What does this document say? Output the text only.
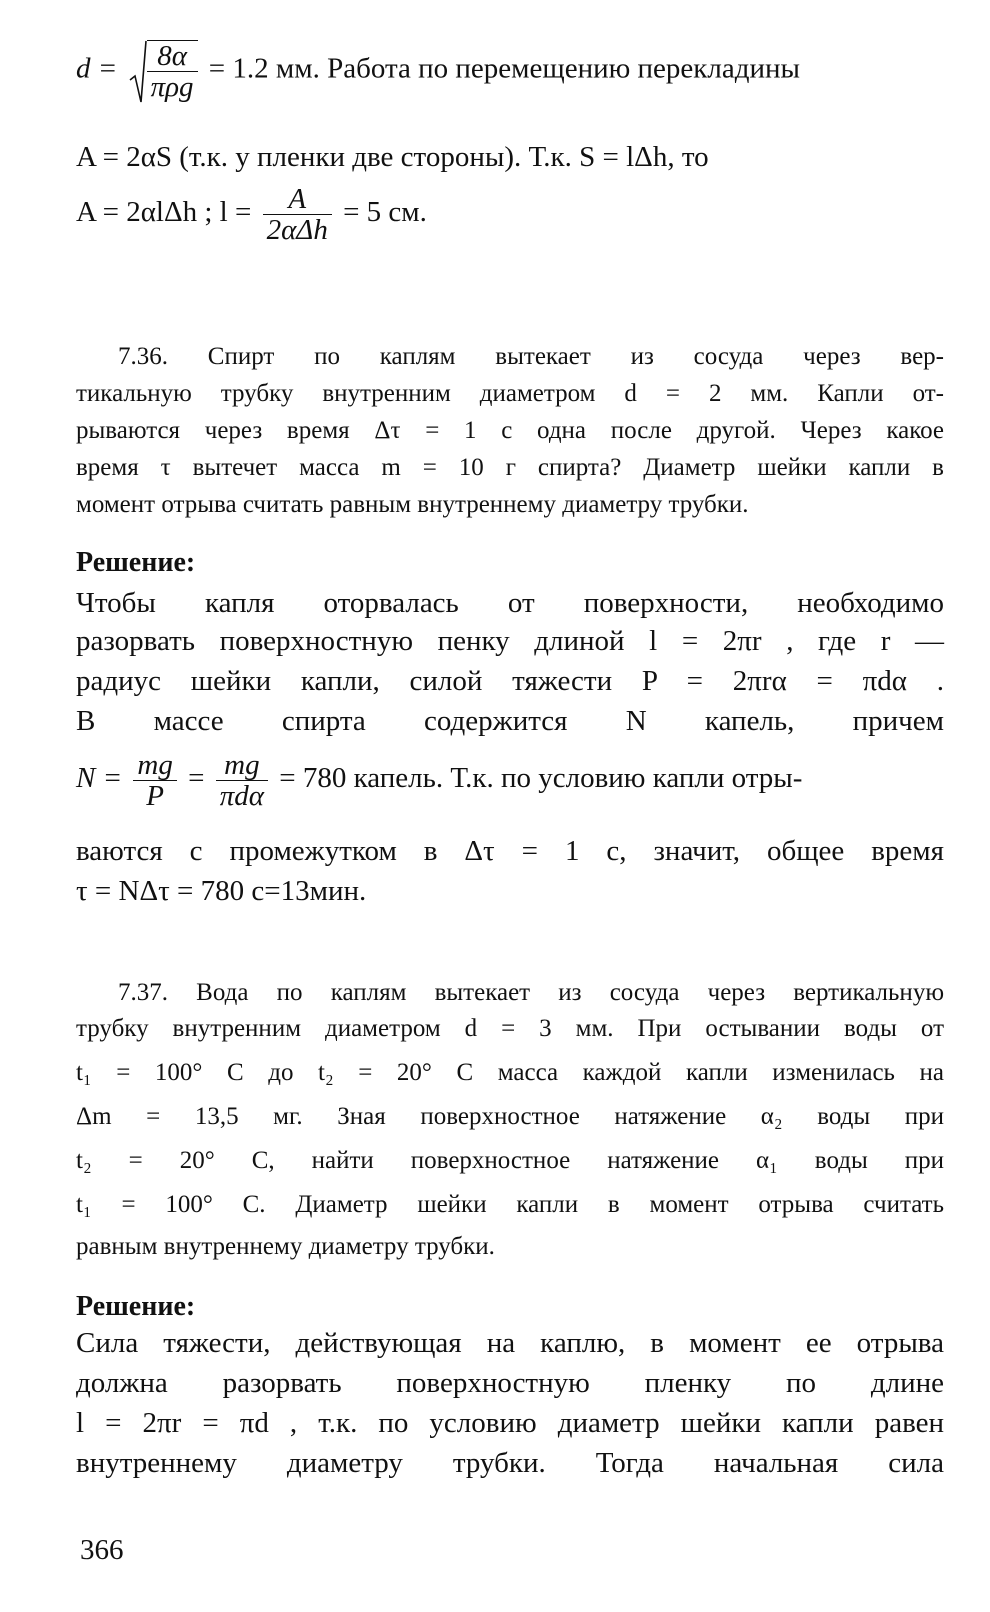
$d = \frac{8\alpha}{\text{πρg}} = 1.2$ мм. Работа по перемещению перекладины
A = 2αS (т.к. у пленки две стороны). Т.к. S = lΔh, то
A = 2αlΔh ; $l = \frac{A}{\text{2αΔh}} = 5$ см.
7.36. Спирт по каплям вытекает из сосуда через вер-
тикальную трубку внутренним диаметром d = 2 мм. Капли от-
рываются через время Δτ = 1 с одна после другой. Через какое
время τ вытечет масса m = 10 г спирта? Диаметр шейки капли в
момент отрыва считать равным внутреннему диаметру трубки.
Решение:
Чтобы капля оторвалась от поверхности, необходимо
разорвать поверхностную пенку длиной l = 2πr , где r —
радиус шейки капли, силой тяжести P = 2πrα = πdα .
В массе спирта содержится N капель, причем
$N = \frac{mg}{P} = \frac{mg}{\text{πdα}} = 780$ капель. Т.к. по условию капли отры-
ваются с промежутком в Δτ = 1 с, значит, общее время
τ = NΔτ = 780 с=13мин.
7.37. Вода по каплям вытекает из сосуда через вертикальную
трубку внутренним диаметром d = 3 мм. При остывании воды от
t₁ = 100° С до t₂ = 20° С масса каждой капли изменилась на
Δm = 13,5 мг. Зная поверхностное натяжение α₂ воды при
t₂ = 20° С, найти поверхностное натяжение α₁ воды при
t₁ = 100° С. Диаметр шейки капли в момент отрыва считать
равным внутреннему диаметру трубки.
Решение:
Сила тяжести, действующая на каплю, в момент ее отрыва
должна разорвать поверхностную пленку по длине
l = 2πr = πd , т.к. по условию диаметр шейки капли равен
внутреннему диаметру трубки. Тогда начальная сила
366
